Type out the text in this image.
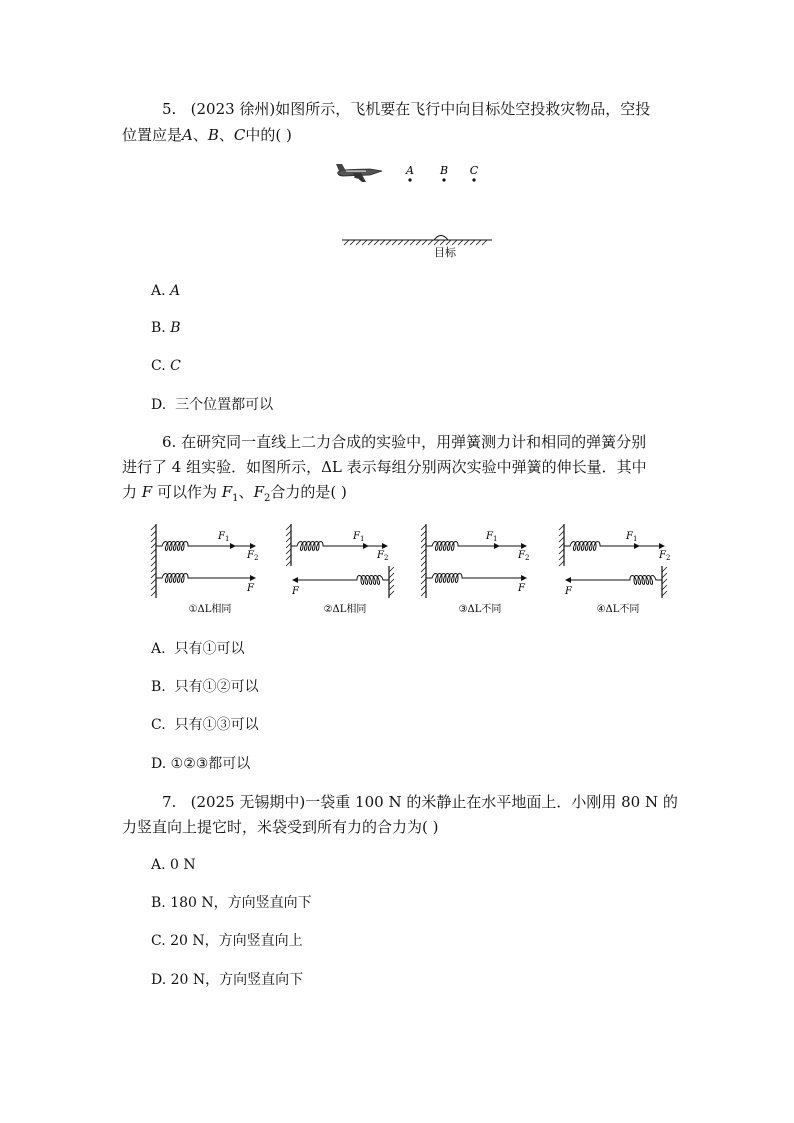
5. (2023 徐州)如图所示，飞机要在飞行中向目标处空投救灾物品，空投
位置应是A、B、C中的( )
A B C
目标
A. A
B. B
C. C
D. 三个位置都可以
6. 在研究同一直线上二力合成的实验中，用弹簧测力计和相同的弹簧分别
进行了 4 组实验．如图所示，ΔL 表示每组分别两次实验中弹簧的伸长量．其中
力 F 可以作为 $F_1$、$F_2$合力的是( )
$F_1$
$F_2$
F
①ΔL相同
$F_1$
$F_2$
F
②ΔL相同
$F_1$
$F_2$
F
③ΔL不同
$F_1$
$F_2$
F
④ΔL不同
A. 只有①可以
B. 只有①②可以
C. 只有①③可以
D. ①②③都可以
7. (2025 无锡期中)一袋重 100 N 的米静止在水平地面上．小刚用 80 N 的
力竖直向上提它时，米袋受到所有力的合力为( )
A. 0 N
B. 180 N，方向竖直向下
C. 20 N，方向竖直向上
D. 20 N，方向竖直向下
